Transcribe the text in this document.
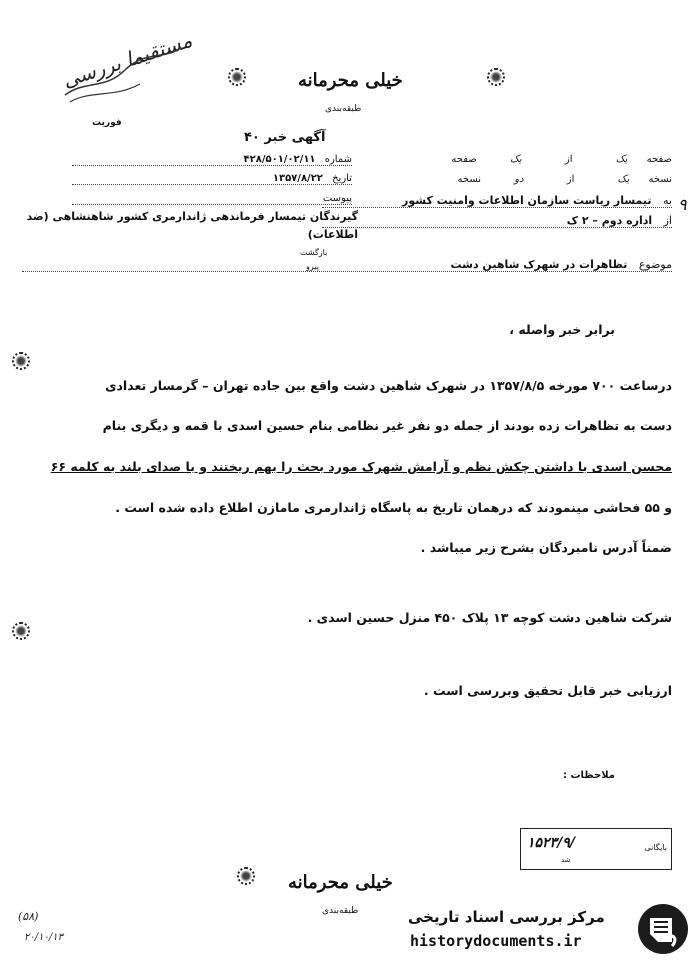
مستقیما بررسی
فوریت
خیلی محرمانه
طبقه‌بندی
آگهی خبر ۴۰
صفحه یک از یک صفحه
نسخه یک از دو نسخه
به تیمسار ریاست سازمان اطلاعات وامنیت کشور
از اداره دوم – ۲ ک
موضوع تظاهرات در شهرک شاهین دشت
۹
شماره ۴۲۸/۵۰۱/۰۲/۱۱
تاریخ ۱۳۵۷/۸/۲۲
پیوست
گیرندگان تیمسار فرماندهی ژاندارمری کشور شاهنشاهی (ضد اطلاعات)
بازگشت
پیرو
برابر خبر واصله ،
درساعت ۷۰۰ مورخه ۱۳۵۷/۸/۵ در شهرک شاهین دشت واقع بین جاده تهران – گرمسار تعدادی
دست به تظاهرات زده بودند از جمله دو نفر غیر نظامی بنام حسین اسدی با قمه و دیگری بنام
محسن اسدی با داشتن چکش نظم و آرامش شهرک مورد بحث را بهم ریختند و با صدای بلند به کلمه ۶۶
و ۵۵ فحاشی مینمودند که درهمان تاریخ به پاسگاه ژاندارمری مامازن اطلاع داده شده است .
ضمناً آدرس نامبردگان بشرح زیر میباشد .
شرکت شاهین دشت کوچه ۱۳ پلاک ۴۵۰ منزل حسین اسدی .
ارزیابی خبر قابل تحقیق وبررسی است .
ملاحظات :
۱۵۲۳/۹/	بایگانی
شد
خیلی محرمانه
طبقه‌بندی
(۵۸)
۲۰/۱۰/۱۳
مرکز بررسی اسناد تاریخی
historydocuments.ir
